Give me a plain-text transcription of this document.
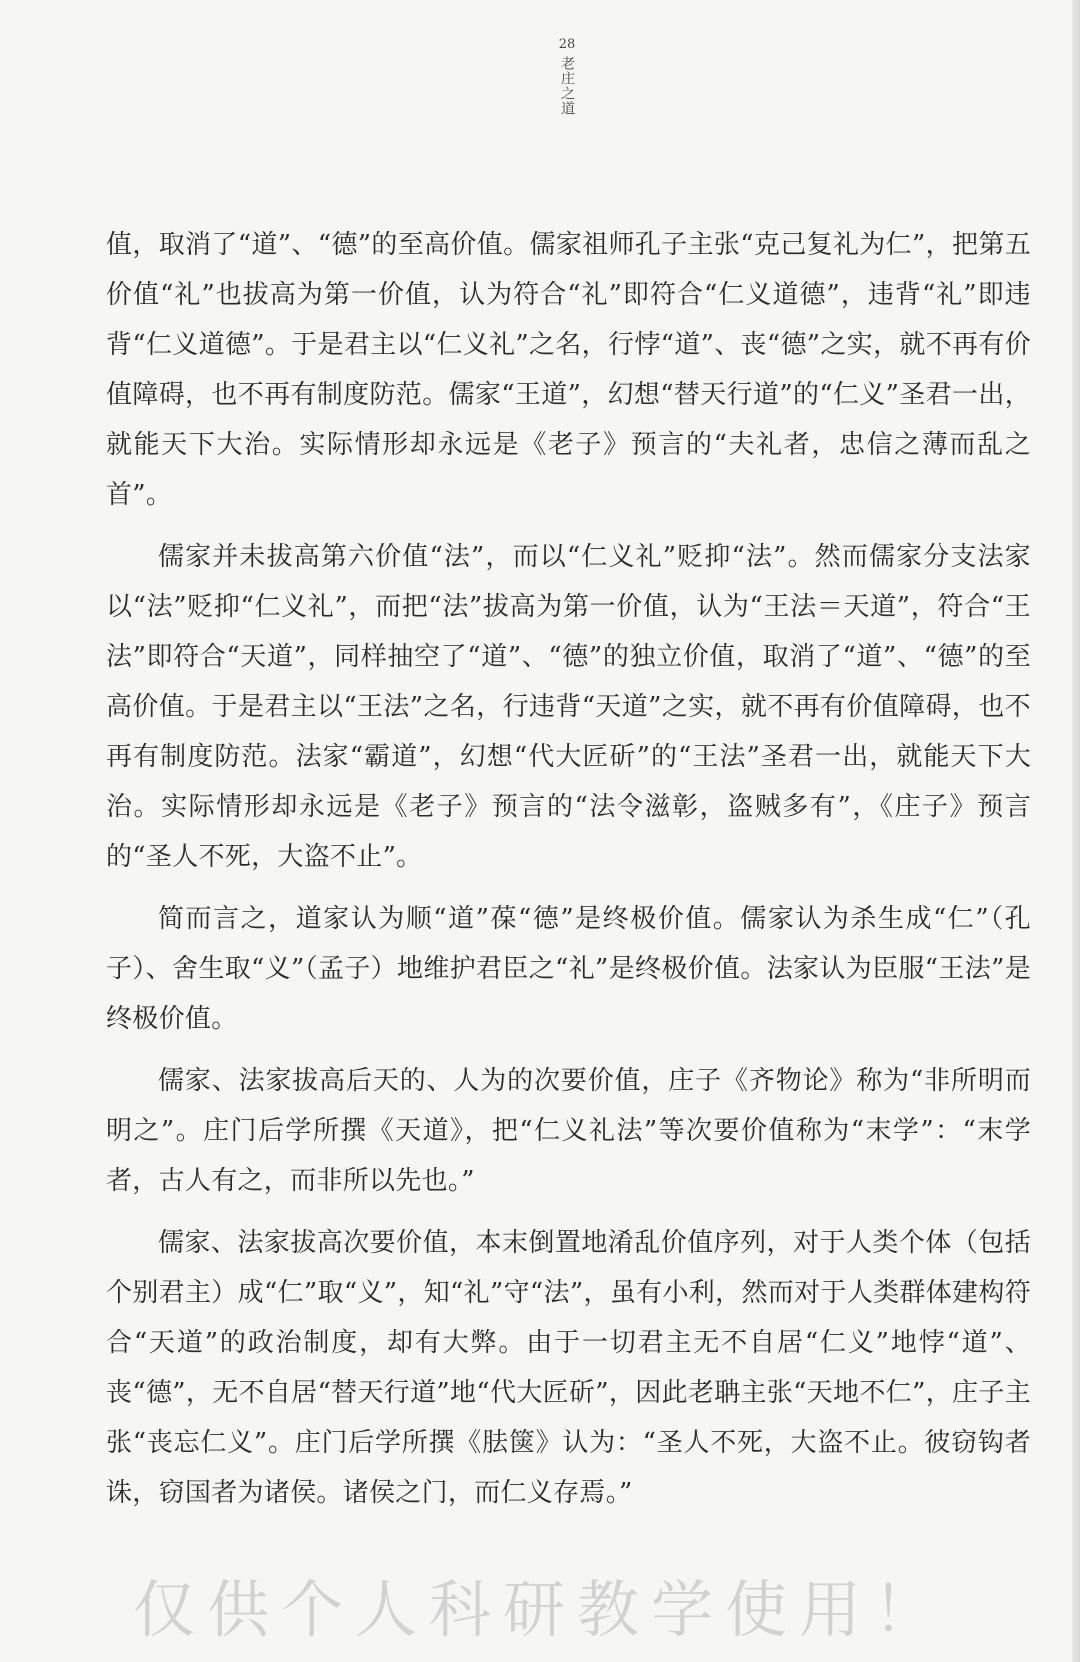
28
老庄之道

值，取消了“道”、“德”的至高价值。儒家祖师孔子主张“克己复礼为仁”，把第五价值“礼”也拔高为第一价值，认为符合“礼”即符合“仁义道德”，违背“礼”即违背“仁义道德”。于是君主以“仁义礼”之名，行悖“道”、丧“德”之实，就不再有价值障碍，也不再有制度防范。儒家“王道”，幻想“替天行道”的“仁义”圣君一出，就能天下大治。实际情形却永远是《老子》预言的“夫礼者，忠信之薄而乱之首”。

儒家并未拔高第六价值“法”，而以“仁义礼”贬抑“法”。然而儒家分支法家以“法”贬抑“仁义礼”，而把“法”拔高为第一价值，认为“王法＝天道”，符合“王法”即符合“天道”，同样抽空了“道”、“德”的独立价值，取消了“道”、“德”的至高价值。于是君主以“王法”之名，行违背“天道”之实，就不再有价值障碍，也不再有制度防范。法家“霸道”，幻想“代大匠斫”的“王法”圣君一出，就能天下大治。实际情形却永远是《老子》预言的“法令滋彰，盗贼多有”，《庄子》预言的“圣人不死，大盗不止”。

简而言之，道家认为顺“道”葆“德”是终极价值。儒家认为杀生成“仁”（孔子）、舍生取“义”（孟子）地维护君臣之“礼”是终极价值。法家认为臣服“王法”是终极价值。

儒家、法家拔高后天的、人为的次要价值，庄子《齐物论》称为“非所明而明之”。庄门后学所撰《天道》，把“仁义礼法”等次要价值称为“末学”：“末学者，古人有之，而非所以先也。”

儒家、法家拔高次要价值，本末倒置地淆乱价值序列，对于人类个体（包括个别君主）成“仁”取“义”，知“礼”守“法”，虽有小利，然而对于人类群体建构符合“天道”的政治制度，却有大弊。由于一切君主无不自居“仁义”地悖“道”、丧“德”，无不自居“替天行道”地“代大匠斫”，因此老聃主张“天地不仁”，庄子主张“丧忘仁义”。庄门后学所撰《胠箧》认为：“圣人不死，大盗不止。彼窃钩者诛，窃国者为诸侯。诸侯之门，而仁义存焉。”

仅供个人科研教学使用！
